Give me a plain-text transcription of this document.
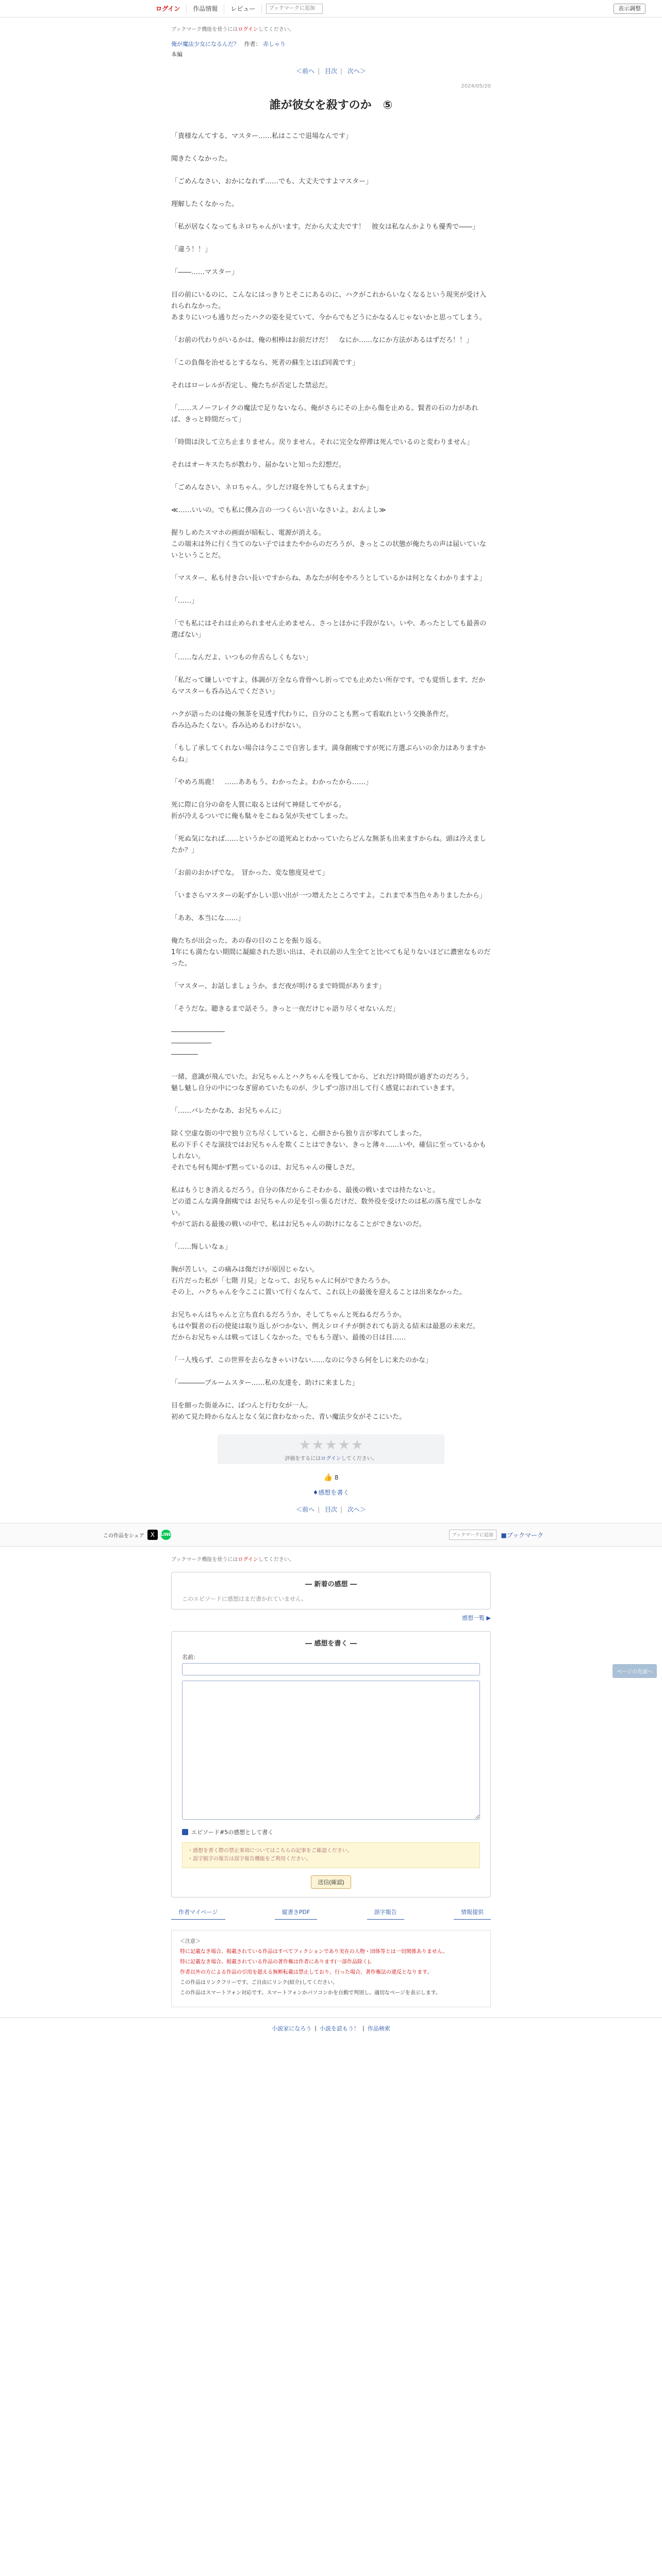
ログイン	作品情報	レビュー
ブックマークに追加	表示調整
ブックマーク機能を使うにはログインしてください。
俺が魔法少女になるんだ？ 作者： 赤しゃり
本編
＜前へ | 目次 | 次へ＞
2024/05/20
誰が彼女を殺すのか　⑤

「貴様なんてする、マスター……私はここで退場なんです」

聞きたくなかった。

「ごめんなさい、おかになれず……でも、大丈夫ですよマスター」

理解したくなかった。

「私が居なくなってもネロちゃんがいます。だから大丈夫です！　彼女は私なんかよりも優秀で――」

「違う！！」

「――……マスター」

目の前にいるのに、こんなにはっきりとそこにあるのに、ハクがこれからいなくなるという現実が受け入れられなかった。
あまりにいつも通りだったハクの姿を見ていて、今からでもどうにかなるんじゃないかと思ってしまう。

「お前の代わりがいるかは、俺の相棒はお前だけだ！　なにか……なにか方法があるはずだろ！！」

「この負傷を治せるとするなら、死者の蘇生とほぼ同義です」

それはローレルが否定し、俺たちが否定した禁忌だ。

「……スノーフレイクの魔法で足りないなら、俺がさらにその上から傷を止める。賢者の石の力があれば、きっと時間だって」

「時間は決して立ち止まりません。戻りません。それに完全な停滞は死んでいるのと変わりません」

それはオーキスたちが教わり、届かないと知った幻想だ。

「ごめんなさい、ネロちゃん。少しだけ寝を外してもらえますか」

≪……いいの。でも私に僕み言の一つくらい言いなさいよ。おんよし≫

握りしめたスマホの画面が暗転し、電源が消える。
この端末は外に行く当てのない子ではまたやからのだろうが、きっとこの状態が俺たちの声は届いていないということだ。

「マスター、私も付き合い長いですからね、あなたが何をやろうとしているかは何となくわかりますよ」

「……」

「でも私にはそれは止められません止めません、さっとほかに手段がない。いや、あったとしても最善の選ばない」

「……なんだよ、いつもの弁舌らしくもない」

「私だって嫌しいですよ。体調が万全なら背骨へし折ってでも止めたい所存です。でも覚悟します、だからマスターも呑み込んでください」

ハクが語ったのは俺の無茶を見透す代わりに、自分のことも黙って看取れという交換条件だ。
呑み込みたくない。呑み込めるわけがない。

「もし了承してくれない場合は今ここで自害します。満身創痍ですが死に方選ぶらいの余力はありますからね」

「やめろ馬鹿！　……ああもう、わかったよ。わかったから……」

死に際に自分の命を人質に取るとは何て神経してやがる。
折が冷えるついでに俺も駄々をこねる気が失せてしまった。

「死ぬ気になれば……というかどの道死ぬとわかっていたらどんな無茶も出来ますからね。頭は冷えましたか？」

「お前のおかげでな。　冒かった、変な態度見せて」

「いまさらマスターの恥ずかしい思い出が一つ増えたところですよ。これまで本当色々ありましたから」

「ああ、本当にな……」

俺たちが出会った、あの春の日のことを振り返る。
1年にも満たない期間に凝縮された思い出は、それ以前の人生全てと比べても足りないほどに濃密なものだった。

「マスター、お話しましょうか。まだ夜が明けるまで時間があります」

「そうだな。聴きるまで話そう。きっと一夜だけじゃ語り尽くせないんだ」

――――――――
――――――
――――

一緒、意識が飛んでいた。お兄ちゃんとハクちゃんを残してから、どれだけ時間が過ぎたのだろう。
魅し魅し自分の中につなぎ留めていたものが、少しずつ溶け出して行く感覚におれていきます。

「……バレたかなあ、お兄ちゃんに」

除く空虚な街の中で独り立ち尽くしていると、心細さから独り言が零れてしまった。
私の下手くそな演技ではお兄ちゃんを欺くことはできない、きっと薄々……いや、確信に至っているかもしれない。
それでも何も聞かず黙っているのは、お兄ちゃんの優しさだ。

私はもうじき消えるだろう。自分の体だからこそわかる、最後の戦いまでは持たないと。
どの道こんな満身創痍では お兄ちゃんの足を引っ張るだけだ、数外役を受けたのは私の落ち度でしかない。
やがて訪れる最後の戦いの中で、私はお兄ちゃんの助けになることができないのだ。

「……悔しいなぁ」

胸が苦しい。この痛みは傷だけが原因じゃない。
石片だった私が「七階 月見」となって、お兄ちゃんに何ができたろうか。
その上、ハクちゃんを今ここに置いて行くなんて、これ以上の最後を迎えることは出来なかった。

お兄ちゃんはちゃんと立ち直れるだろうか、そしてちゃんと死ねるだろうか。
もはや賢者の石の使徒は取り返しがつかない、例えシロイチが倒されても訪える結末は最悪の未来だ。
だからお兄ちゃんは戦ってほしくなかった。でももう遅い、最後の日は目……

「一人残らず、この世界を去らなきゃいけない……なのに今さら何をしに来たのかな」

「――――ブルームスター……私の友達を、助けに来ました」

目を細った街並みに、ぽつんと行む女が一人。
初めて見た時からなんとなく気に食わなかった、青い魔法少女がそこにいた。

★★★★★
評価をするにはログインしてください。
👍 8
♦感想を書く
＜前へ | 目次 | 次へ＞
この作品をシェア X	LINE
ブックマークに追加	■ブックマーク
ブックマーク機能を使うにはログインしてください。
― 新着の感想 ―
このエピソードに感想はまだ書かれていません。
感想一覧 ▶
― 感想を書く ―
名前：

エピソード#5の感想として書く
・感想を書く際の禁止事項についてはこちらの記事をご確認ください。
・誤字脱字の報告は誤字報告機能をご利用ください。
送信(確認)
作者マイページ	縦書きPDF	誤字報告	情報提供

＜注意＞

特に記載なき場合、掲載されている作品はすべてフィクションであり実在の人物・団体等とは一切関係ありません。

特に記載なき場合、掲載されている作品の著作権は作者にあります(一部作品除く)。

作者以外の方による作品の引用を超える無断転載は禁止しており、行った場合、著作権法の違反となります。

この作品はリンクフリーです。ご自由にリンク(紹介)してください。

この作品はスマートフォン対応です。スマートフォンかパソコンかを自動で判別し、適切なページを表示します。

小説家になろう | 小説を読もう！ | 作品検索
ページの先頭へ
